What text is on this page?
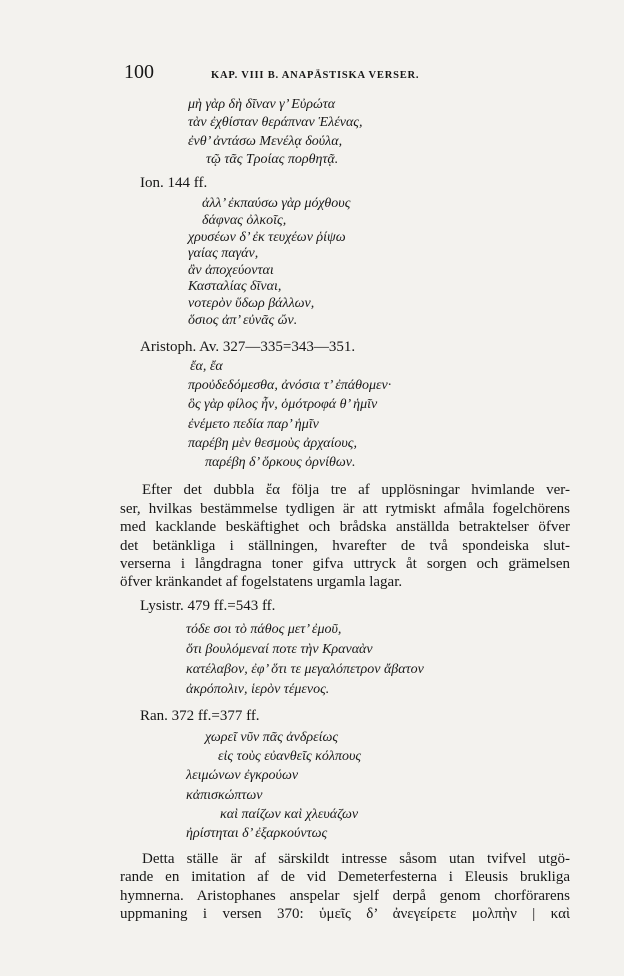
100	KAP. VIII B. ANAPÄSTISKA VERSER.
μὴ γὰρ δὴ δῖναν γ’ Εὐρώτα
τὰν ἐχθίσταν θεράπναν Ἑλένας,
ἐνθ’ ἀντάσω Μενέλᾳ δούλα,
τῷ τᾶς Τροίας πορθητᾷ.
Ion. 144 ff.
ἀλλ’ ἐκπαύσω γὰρ μόχθους
δάφνας ὀλκοῖς,
χρυσέων δ’ ἐκ τευχέων ῥίψω
γαίας παγάν,
ἂν ἀποχεύονται
Κασταλίας δῖναι,
νοτερὸν ὕδωρ βάλλων,
ὅσιος ἀπ’ εὐνᾶς ὤν.
Aristoph. Av. 327—335=343—351.
ἔα, ἔα
προὐδεδόμεσθα, ἀνόσια τ’ ἐπάθομεν·
ὃς γὰρ φίλος ἦν, ὁμότροφά θ’ ἡμῖν
ἐνέμετο πεδία παρ’ ἡμῖν
παρέβη μὲν θεσμοὺς ἀρχαίους,
παρέβη δ’ ὅρκους ὀρνίθων.
Efter det dubbla ἔα följa tre af upplösningar hvimlande ver-
ser, hvilkas bestämmelse tydligen är att rytmiskt afmåla fogelchörens
med kacklande beskäftighet och brådska anställda betraktelser öfver
det betänkliga i ställningen, hvarefter de två spondeiska slut-
verserna i långdragna toner gifva uttryck åt sorgen och grämelsen
öfver kränkandet af fogelstatens urgamla lagar.
Lysistr. 479 ff.=543 ff.
τόδε σοι τὸ πάθος μετ’ ἐμοῦ,
ὅτι βουλόμεναί ποτε τὴν Κραναὰν
κατέλαβον, ἐφ’ ὅτι τε μεγαλόπετρον ἄβατον
ἀκρόπολιν, ἱερὸν τέμενος.
Ran. 372 ff.=377 ff.
χωρεῖ νῦν πᾶς ἀνδρείως
εἰς τοὺς εὐανθεῖς κόλπους
λειμώνων ἐγκρούων
κἀπισκώπτων
καὶ παίζων καὶ χλευάζων
ἠρίστηται δ’ ἐξαρκούντως
Detta ställe är af särskildt intresse såsom utan tvifvel utgö-
rande en imitation af de vid Demeterfesterna i Eleusis brukliga
hymnerna. Aristophanes anspelar sjelf derpå genom chorförarens
uppmaning i versen 370: ὑμεῖς δ’ ἀνεγείρετε μολπὴν | καὶ
